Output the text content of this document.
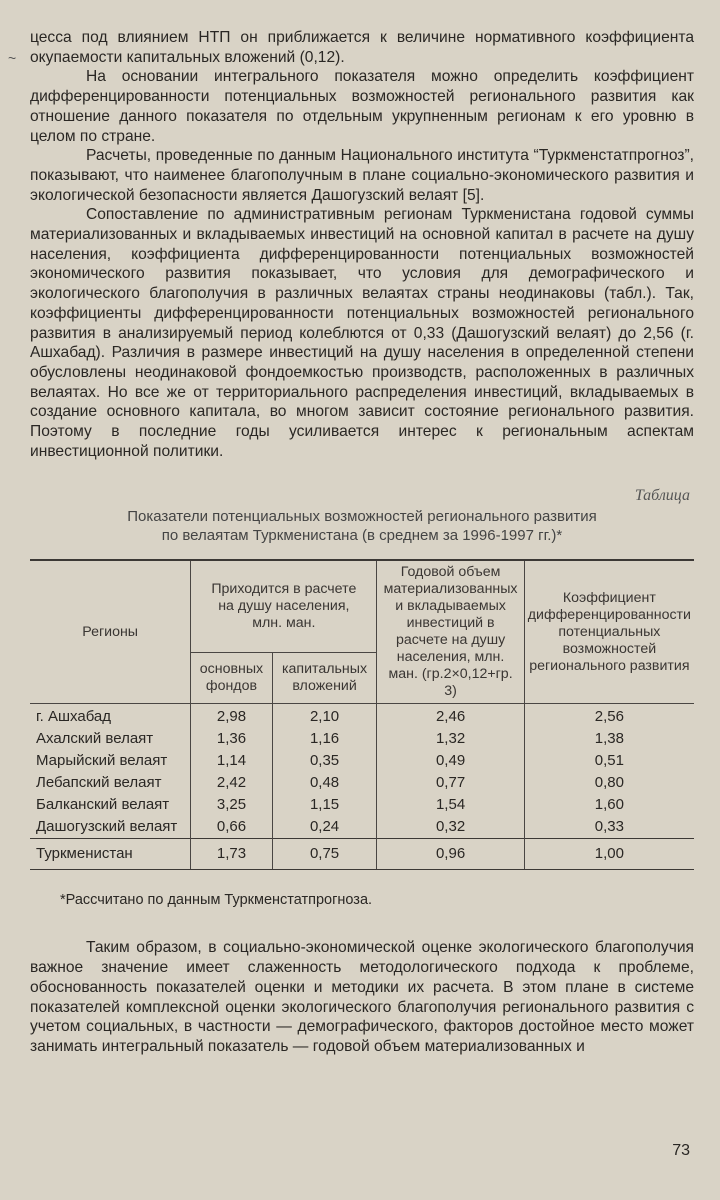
~

цесса под влиянием НТП он приближается к величине нормативного коэффициента окупаемости капитальных вложений (0,12).

На основании интегрального показателя можно определить коэффициент дифференцированности потенциальных возможностей регионального развития как отношение данного показателя по отдельным укрупненным регионам к его уровню в целом по стране.

Расчеты, проведенные по данным Национального института “Туркменстатпрогноз”, показывают, что наименее благополучным в плане социально-экономического развития и экологической безопасности является Дашогузский велаят [5].

Сопоставление по административным регионам Туркменистана годовой суммы материализованных и вкладываемых инвестиций на основной капитал в расчете на душу населения, коэффициента дифференцированности потенциальных возможностей экономического развития показывает, что условия для демографического и экологического благополучия в различных велаятах страны неодинаковы (табл.). Так, коэффициенты дифференцированности потенциальных возможностей регионального развития в анализируемый период колеблются от 0,33 (Дашогузский велаят) до 2,56 (г. Ашхабад). Различия в размере инвестиций на душу населения в определенной степени обусловлены неодинаковой фондоемкостью производств, расположенных в различных велаятах. Но все же от территориального распределения инвестиций, вкладываемых в создание основного капитала, во многом зависит состояние регионального развития. Поэтому в последние годы усиливается интерес к региональным аспектам инвестиционной политики.

Таблица
Показатели потенциальных возможностей регионального развития
по велаятам Туркменистана (в среднем за 1996-1997 гг.)*
Регионы	Приходится в расчете на душу населения, млн. ман.		Годовой объем материализованных и вкладываемых инвестиций в расчете на душу населения, млн. ман. (гр.2×0,12+гр. 3)	Коэффициент дифференцированности потенциальных возможностей регионального развития
	основных фондов	капитальных вложений		
г. Ашхабад	2,98	2,10	2,46	2,56
Ахалский велаят	1,36	1,16	1,32	1,38
Марыйский велаят	1,14	0,35	0,49	0,51
Лебапский велаят	2,42	0,48	0,77	0,80
Балканский велаят	3,25	1,15	1,54	1,60
Дашогузский велаят	0,66	0,24	0,32	0,33
Туркменистан	1,73	0,75	0,96	1,00
*Рассчитано по данным Туркменстатпрогноза.

Таким образом, в социально-экономической оценке экологического благополучия важное значение имеет слаженность методологического подхода к проблеме, обоснованность показателей оценки и методики их расчета. В этом плане в системе показателей комплексной оценки экологического благополучия регионального развития с учетом социальных, в частности — демографического, факторов достойное место может занимать интегральный показатель — годовой объем материализованных и

73
